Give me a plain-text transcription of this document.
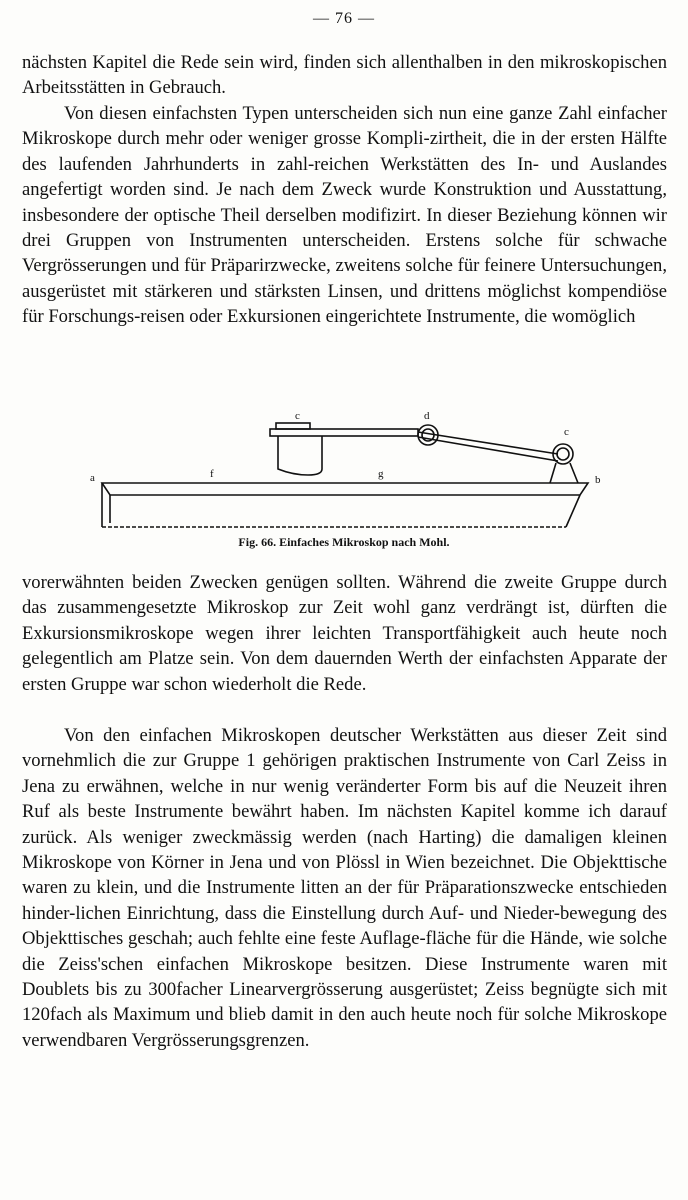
— 76 —

nächsten Kapitel die Rede sein wird, finden sich allenthalben in den mikroskopischen Arbeitsstätten in Gebrauch.

Von diesen einfachsten Typen unterscheiden sich nun eine ganze Zahl einfacher Mikroskope durch mehr oder weniger grosse Kompli-zirtheit, die in der ersten Hälfte des laufenden Jahrhunderts in zahl-reichen Werkstätten des In- und Auslandes angefertigt worden sind. Je nach dem Zweck wurde Konstruktion und Ausstattung, insbesondere der optische Theil derselben modifizirt. In dieser Beziehung können wir drei Gruppen von Instrumenten unterscheiden. Erstens solche für schwache Vergrösserungen und für Präparirzwecke, zweitens solche für feinere Untersuchungen, ausgerüstet mit stärkeren und stärksten Linsen, und drittens möglichst kompendiöse für Forschungs-reisen oder Exkursionen eingerichtete Instrumente, die womöglich

a	b
c
c
d
f	g
Fig. 66. Einfaches Mikroskop nach Mohl.

vorerwähnten beiden Zwecken genügen sollten. Während die zweite Gruppe durch das zusammengesetzte Mikroskop zur Zeit wohl ganz verdrängt ist, dürften die Exkursionsmikroskope wegen ihrer leichten Transportfähigkeit auch heute noch gelegentlich am Platze sein. Von dem dauernden Werth der einfachsten Apparate der ersten Gruppe war schon wiederholt die Rede.

Von den einfachen Mikroskopen deutscher Werkstätten aus dieser Zeit sind vornehmlich die zur Gruppe 1 gehörigen praktischen Instrumente von Carl Zeiss in Jena zu erwähnen, welche in nur wenig veränderter Form bis auf die Neuzeit ihren Ruf als beste Instrumente bewährt haben. Im nächsten Kapitel komme ich darauf zurück. Als weniger zweckmässig werden (nach Harting) die damaligen kleinen Mikroskope von Körner in Jena und von Plössl in Wien bezeichnet. Die Objekttische waren zu klein, und die Instrumente litten an der für Präparationszwecke entschieden hinder-lichen Einrichtung, dass die Einstellung durch Auf- und Nieder-bewegung des Objekttisches geschah; auch fehlte eine feste Auflage-fläche für die Hände, wie solche die Zeiss'schen einfachen Mikroskope besitzen. Diese Instrumente waren mit Doublets bis zu 300facher Linearvergrösserung ausgerüstet; Zeiss begnügte sich mit 120fach als Maximum und blieb damit in den auch heute noch für solche Mikroskope verwendbaren Vergrösserungsgrenzen.
